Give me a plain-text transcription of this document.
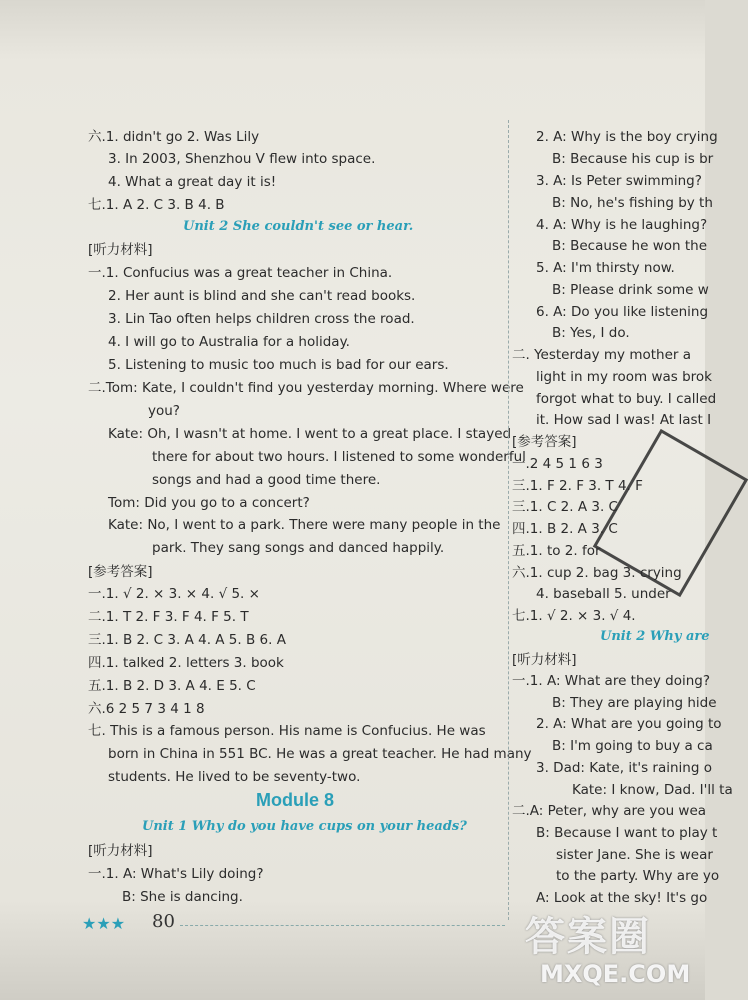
六.1. didn't go 2. Was Lily
3. In 2003, Shenzhou V flew into space.
4. What a great day it is!
七.1. A 2. C 3. B 4. B
Unit 2 She couldn't see or hear.
[听力材料]
一.1. Confucius was a great teacher in China.
2. Her aunt is blind and she can't read books.
3. Lin Tao often helps children cross the road.
4. I will go to Australia for a holiday.
5. Listening to music too much is bad for our ears.
二.Tom: Kate, I couldn't find you yesterday morning. Where were
you?
Kate: Oh, I wasn't at home. I went to a great place. I stayed
there for about two hours. I listened to some wonderful
songs and had a good time there.
Tom: Did you go to a concert?
Kate: No, I went to a park. There were many people in the
park. They sang songs and danced happily.
[参考答案]
一.1. √ 2. × 3. × 4. √ 5. ×
二.1. T 2. F 3. F 4. F 5. T
三.1. B 2. C 3. A 4. A 5. B 6. A
四.1. talked 2. letters 3. book
五.1. B 2. D 3. A 4. E 5. C
六.6 2 5 7 3 4 1 8
七. This is a famous person. His name is Confucius. He was
born in China in 551 BC. He was a great teacher. He had many
students. He lived to be seventy-two.
Module 8
Unit 1 Why do you have cups on your heads?
[听力材料]
一.1. A: What's Lily doing?
B: She is dancing.
2. A: Why is the boy crying
B: Because his cup is br
3. A: Is Peter swimming?
B: No, he's fishing by th
4. A: Why is he laughing?
B: Because he won the
5. A: I'm thirsty now.
B: Please drink some w
6. A: Do you like listening
B: Yes, I do.
二. Yesterday my mother a
light in my room was brok
forgot what to buy. I called
it. How sad I was! At last I
[参考答案]
一.2 4 5 1 6 3
三.1. F 2. F 3. T 4. F
三.1. C 2. A 3. C
四.1. B 2. A 3. C
五.1. to 2. for
六.1. cup 2. bag 3. crying
4. baseball 5. under
七.1. √ 2. × 3. √ 4.
Unit 2 Why are
[听力材料]
一.1. A: What are they doing?
B: They are playing hide
2. A: What are you going to
B: I'm going to buy a ca
3. Dad: Kate, it's raining o
Kate: I know, Dad. I'll ta
二.A: Peter, why are you wea
B: Because I want to play t
sister Jane. She is wear
to the party. Why are yo
A: Look at the sky! It's go
★★★ 80	答案圈
MXQE.COM
